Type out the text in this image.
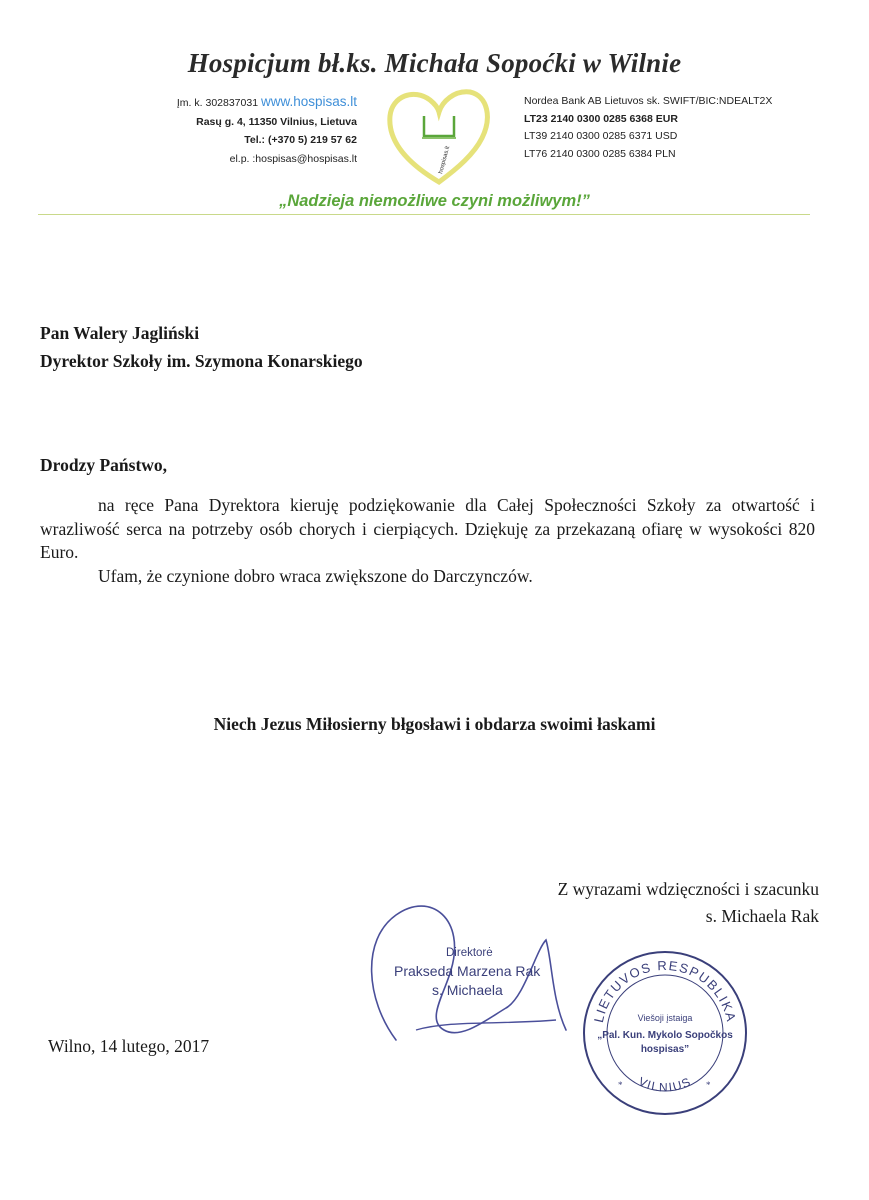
Hospicjum bł.ks. Michała Sopoćki w Wilnie
Įm. k. 302837031 www.hospisas.lt
Rasų g. 4, 11350 Vilnius, Lietuva
Tel.: (+370 5) 219 57 62
el.p. :hospisas@hospisas.lt	hospisas.lt
Nordea Bank AB Lietuvos sk. SWIFT/BIC:NDEALT2X
LT23 2140 0300 0285 6368 EUR
LT39 2140 0300 0285 6371 USD
LT76 2140 0300 0285 6384 PLN
„Nadzieja niemożliwe czyni możliwym!”
Pan Walery Jagliński
Dyrektor Szkoły im. Szymona Konarskiego
Drodzy Państwo,

na ręce Pana Dyrektora kieruję podziękowanie dla Całej Społeczności Szkoły za otwartość i wrazliwość serca na potrzeby osób chorych i cierpiących. Dziękuję za przekazaną ofiarę w wysokości 820 Euro.

Ufam, że czynione dobro wraca zwiększone do Darczynczów.

Niech Jezus Miłosierny błgosławi i obdarza swoimi łaskami
Z wyrazami wdzięczności i szacunku
s. Michaela Rak
Direktorė
Prakseda Marzena Rak
s. Michaela
LIETUVOS RESPUBLIKA
VILNIUS
Viešoji įstaiga
„Pal. Kun. Mykolo Sopočkos
hospisas”
*	*
Wilno, 14 lutego, 2017
